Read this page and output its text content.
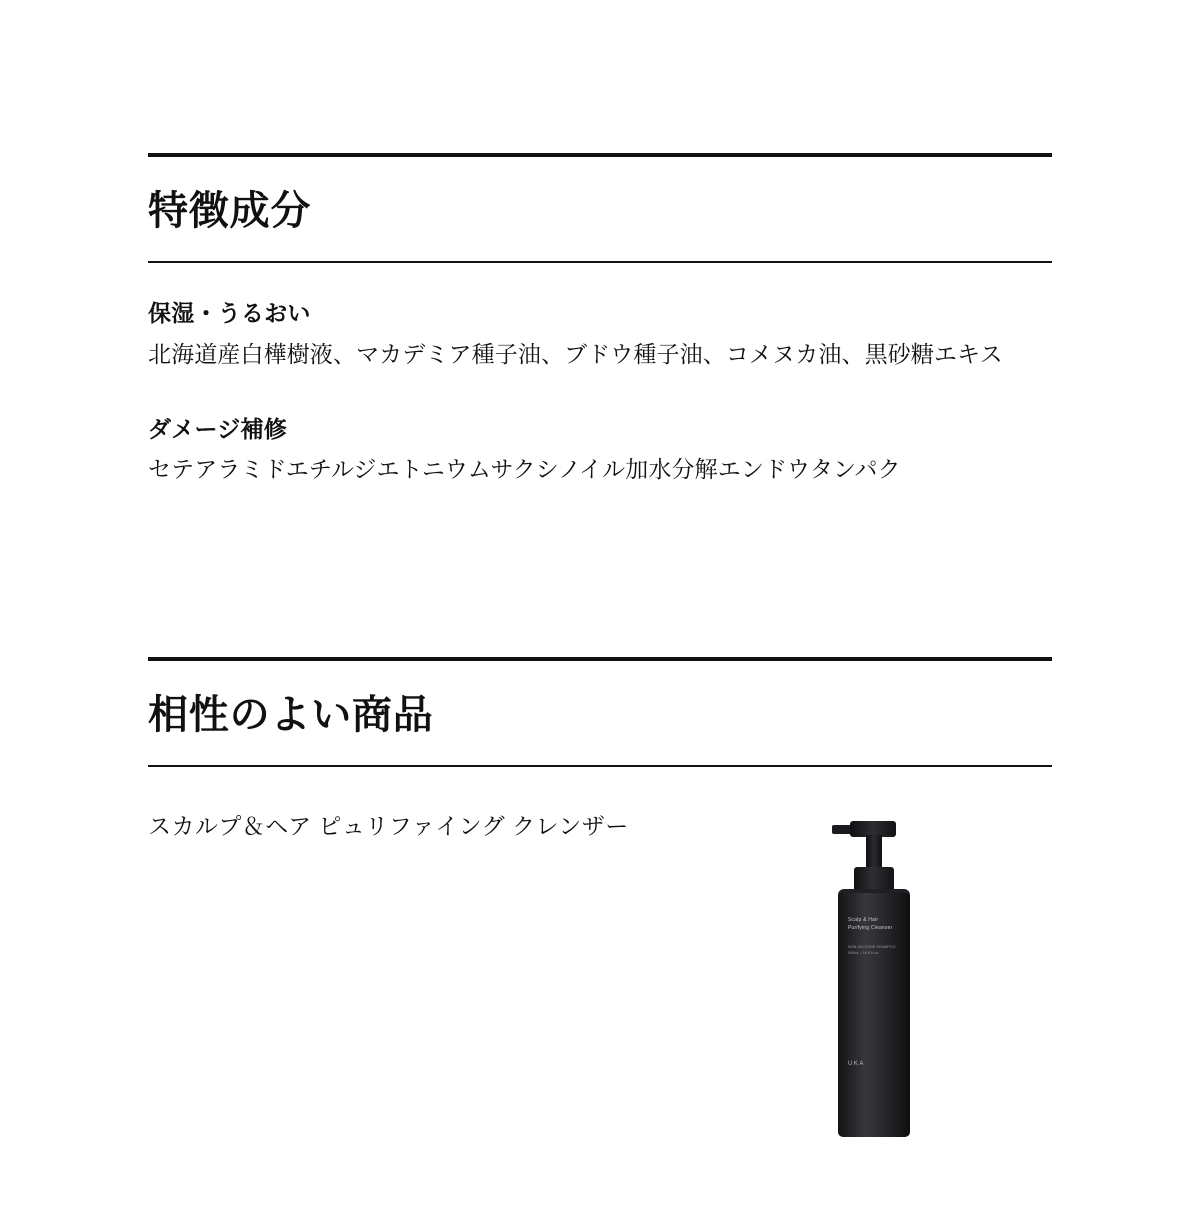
特徴成分

保湿・うるおい

北海道産白樺樹液、マカデミア種子油、ブドウ種子油、コメヌカ油、黒砂糖エキス

ダメージ補修

セテアラミドエチルジエトニウムサクシノイル加水分解エンドウタンパク

相性のよい商品

スカルプ＆ヘア ピュリファイング クレンザー

Scalp & Hair Purifying Cleanser
NON-SILICONE SHAMPOO 500mL / 16.9 fl.oz.
UKA
